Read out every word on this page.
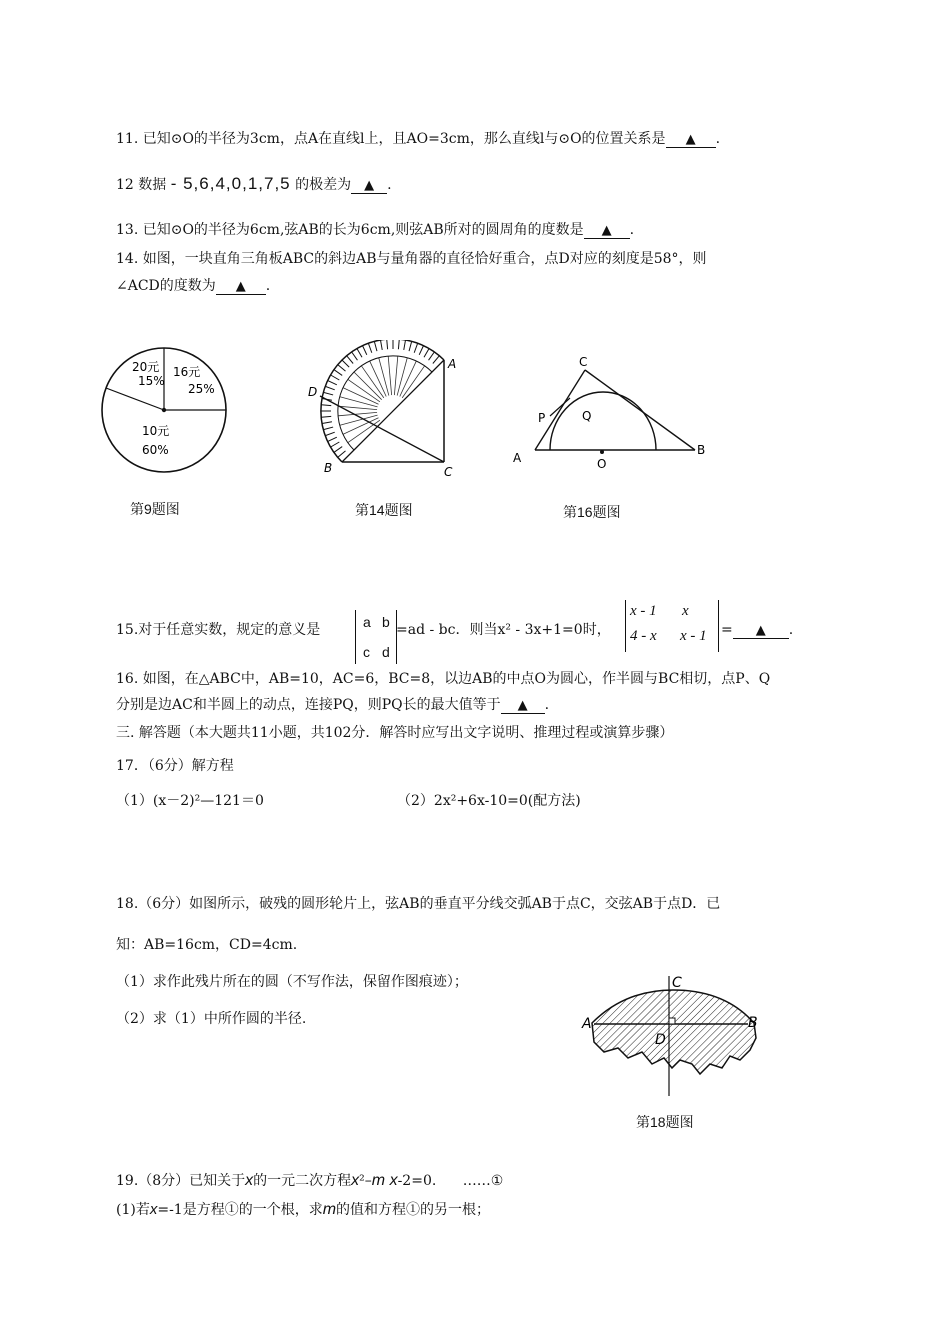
11. 已知⊙O的半径为3cm，点A在直线l上，且AO=3cm，那么直线l与⊙O的位置关系是 ▲ .
12 数据 - 5,6,4,0,1,7,5 的极差为 ▲ .
13. 已知⊙O的半径为6cm,弦AB的长为6cm,则弦AB所对的圆周角的度数是 ▲ .
14. 如图，一块直角三角板ABC的斜边AB与量角器的直径恰好重合，点D对应的刻度是58°，则
∠ACD的度数为 ▲ .
20元
15%
16元
25%
10元
60%
第9题图
A
B	C
D
第14题图
A
B
C
O
P	Q
第16题图
15.对于任意实数，规定的意义是	a b
c d
=ad - bc．则当x² - 3x+1=0时，
x - 1 x
4 - x x - 1 = ▲ .
16. 如图，在△ABC中，AB=10，AC=6，BC=8，以边AB的中点O为圆心，作半圆与BC相切，点P、Q
分别是边AC和半圆上的动点，连接PQ，则PQ长的最大值等于 ▲ .
三. 解答题（本大题共11小题，共102分．解答时应写出文字说明、推理过程或演算步骤）
17．（6分）解方程
（1）(x－2)²—121＝0	（2）2x²+6x-10=0(配方法)
18.（6分）如图所示，破残的圆形轮片上，弦AB的垂直平分线交弧AB于点C，交弦AB于点D．已
知：AB=16cm，CD=4cm.
（1）求作此残片所在的圆（不写作法，保留作图痕迹）；
（2）求（1）中所作圆的半径.	A	B
C
D
第18题图
19.（8分）已知关于x的一元二次方程x²–m x-2=0. ……①
(1)若x=-1是方程①的一个根，求m的值和方程①的另一根；
